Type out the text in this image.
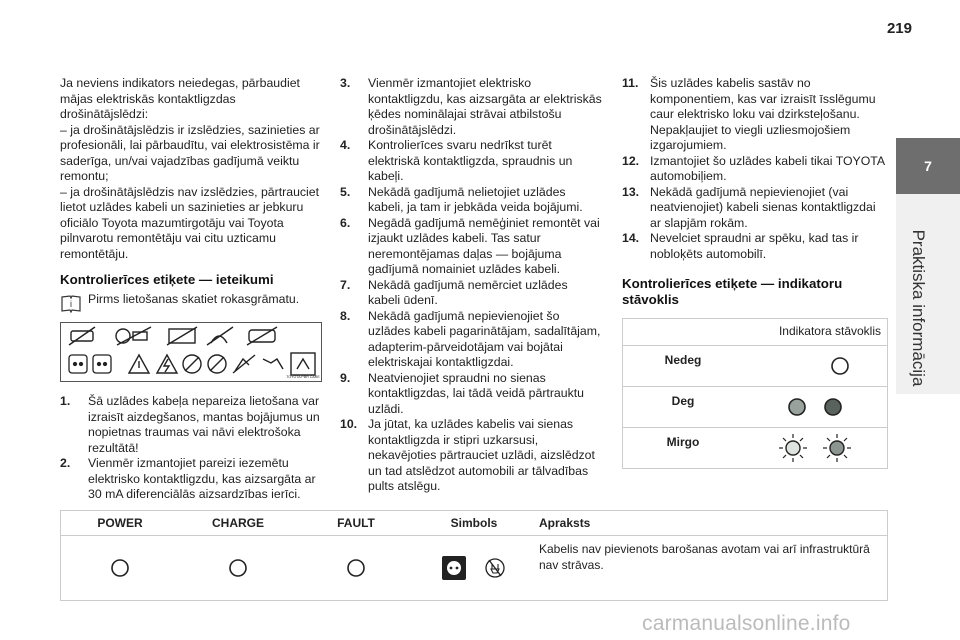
219
7
Praktiska informācija

Ja neviens indikators neiedegas, pārbaudiet mājas elektriskās kontaktligzdas drošinātājslēdzi:
– ja drošinātājslēdzis ir izslēdzies, sazinieties ar profesionāli, lai pārbaudītu, vai elektrosistēma ir saderīga, un/vai vajadzības gadījumā veiktu remontu;
– ja drošinātājslēdzis nav izslēdzies, pārtrauciet lietot uzlādes kabeli un sazinieties ar jebkuru oficiālo Toyota mazumtirgotāju vai Toyota pilnvarotu remontētāju vai citu uzticamu remontētāju.

Kontrolierīces etiķete — ieteikumi
i Pirms lietošanas skatiet rokasgrāmatu.
TOYOTA PBR CARE
1.	Šā uzlādes kabeļa nepareiza lietošana var izraisīt aizdegšanos, mantas bojājumus un nopietnas traumas vai nāvi elektrošoka rezultātā!
2.	Vienmēr izmantojiet pareizi iezemētu elektrisko kontaktligzdu, kas aizsargāta ar 30 mA diferenciālās aizsardzības ierīci.
3.	Vienmēr izmantojiet elektrisko kontaktligzdu, kas aizsargāta ar elektriskās ķēdes nominālajai strāvai atbilstošu drošinātājslēdzi.
4.	Kontrolierīces svaru nedrīkst turēt elektriskā kontaktligzda, spraudnis un kabeļi.
5.	Nekādā gadījumā nelietojiet uzlādes kabeli, ja tam ir jebkāda veida bojājumi.
6.	Negādā gadījumā nemēģiniet remontēt vai izjaukt uzlādes kabeli. Tas satur neremontējamas daļas — bojājuma gadījumā nomainiet uzlādes kabeli.
7.	Nekādā gadījumā nemērciet uzlādes kabeli ūdenī.
8.	Nekādā gadījumā nepievienojiet šo uzlādes kabeli pagarinātājam, sadalītājam, adapterim-pārveidotājam vai bojātai elektriskajai kontaktligzdai.
9.	Neatvienojiet spraudni no sienas kontaktligzdas, lai tādā veidā pārtrauktu uzlādi.
10. Ja jūtat, ka uzlādes kabelis vai sienas kontaktligzda ir stipri uzkarsusi, nekavējoties pārtrauciet uzlādi, aizslēdzot un tad atslēdzot automobili ar tālvadības pults atslēgu.
11. Šis uzlādes kabelis sastāv no komponentiem, kas var izraisīt īsslēgumu caur elektrisko loku vai dzirksteļošanu. Nepakļaujiet to viegli uzliesmojošiem izgarojumiem.
12. Izmantojiet šo uzlādes kabeli tikai TOYOTA automobiļiem.
13. Nekādā gadījumā nepievienojiet (vai neatvienojiet) kabeli sienas kontaktligzdai ar slapjām rokām.
14. Nevelciet spraudni ar spēku, kad tas ir nobloķēts automobilī.
Kontrolierīces etiķete — indikatoru stāvoklis
Indikatora stāvoklis
Nedeg
Deg
Mirgo
POWER	CHARGE	FAULT	Simbols	Apraksts
Kabelis nav pievienots barošanas avotam vai arī infrastruktūrā nav strāvas.
carmanualsonline.info
